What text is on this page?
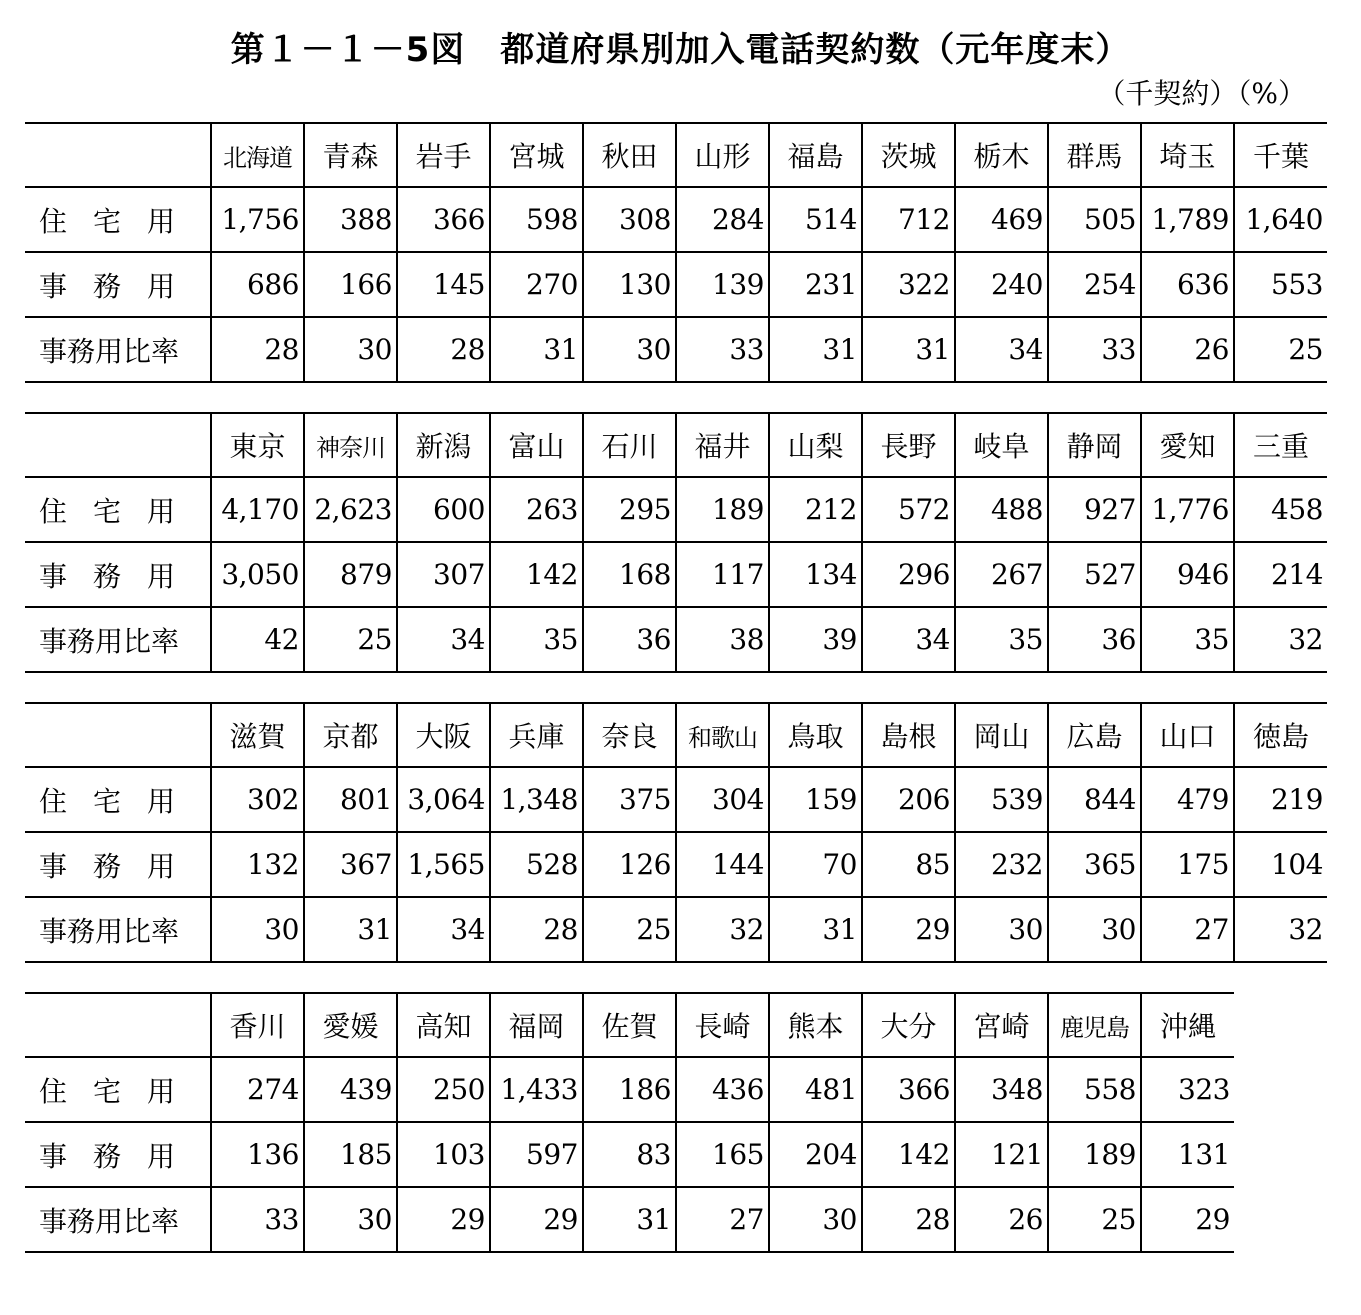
第１－１－5図　都道府県別加入電話契約数（元年度末）
（千契約）（%）
	北海道	青森	岩手	宮城	秋田	山形	福島	茨城	栃木	群馬	埼玉	千葉
住宅用	1,756	388	366	598	308	284	514	712	469	505	1,789	1,640
事務用	686	166	145	270	130	139	231	322	240	254	636	553
事務用比率	28	30	28	31	30	33	31	31	34	33	26	25
	東京	神奈川	新潟	富山	石川	福井	山梨	長野	岐阜	静岡	愛知	三重
住宅用	4,170	2,623	600	263	295	189	212	572	488	927	1,776	458
事務用	3,050	879	307	142	168	117	134	296	267	527	946	214
事務用比率	42	25	34	35	36	38	39	34	35	36	35	32
	滋賀	京都	大阪	兵庫	奈良	和歌山	鳥取	島根	岡山	広島	山口	徳島
住宅用	302	801	3,064	1,348	375	304	159	206	539	844	479	219
事務用	132	367	1,565	528	126	144	70	85	232	365	175	104
事務用比率	30	31	34	28	25	32	31	29	30	30	27	32
	香川	愛媛	高知	福岡	佐賀	長崎	熊本	大分	宮崎	鹿児島	沖縄
住宅用	274	439	250	1,433	186	436	481	366	348	558	323
事務用	136	185	103	597	83	165	204	142	121	189	131
事務用比率	33	30	29	29	31	27	30	28	26	25	29
